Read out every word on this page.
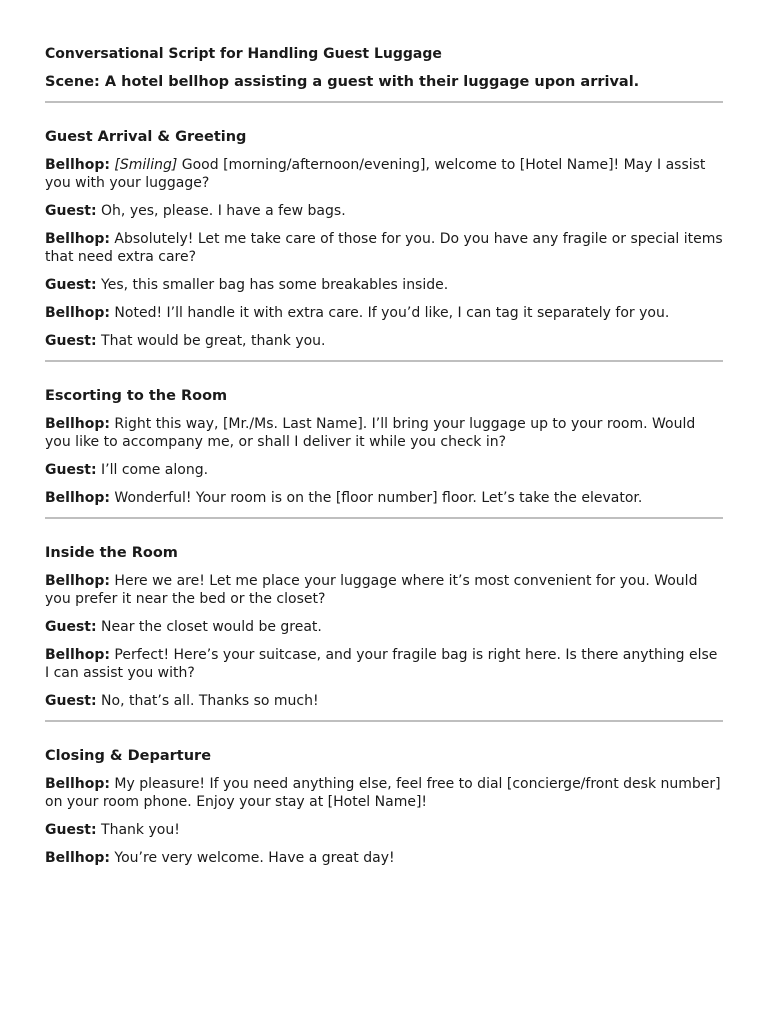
Conversational Script for Handling Guest Luggage
Scene: A hotel bellhop assisting a guest with their luggage upon arrival.
Guest Arrival & Greeting
Bellhop: [Smiling] Good [morning/afternoon/evening], welcome to [Hotel Name]! May I assist you with your luggage?
Guest: Oh, yes, please. I have a few bags.
Bellhop: Absolutely! Let me take care of those for you. Do you have any fragile or special items that need extra care?
Guest: Yes, this smaller bag has some breakables inside.
Bellhop: Noted! I’ll handle it with extra care. If you’d like, I can tag it separately for you.
Guest: That would be great, thank you.
Escorting to the Room
Bellhop: Right this way, [Mr./Ms. Last Name]. I’ll bring your luggage up to your room. Would you like to accompany me, or shall I deliver it while you check in?
Guest: I’ll come along.
Bellhop: Wonderful! Your room is on the [floor number] floor. Let’s take the elevator.
Inside the Room
Bellhop: Here we are! Let me place your luggage where it’s most convenient for you. Would you prefer it near the bed or the closet?
Guest: Near the closet would be great.
Bellhop: Perfect! Here’s your suitcase, and your fragile bag is right here. Is there anything else I can assist you with?
Guest: No, that’s all. Thanks so much!
Closing & Departure
Bellhop: My pleasure! If you need anything else, feel free to dial [concierge/front desk number] on your room phone. Enjoy your stay at [Hotel Name]!
Guest: Thank you!
Bellhop: You’re very welcome. Have a great day!
